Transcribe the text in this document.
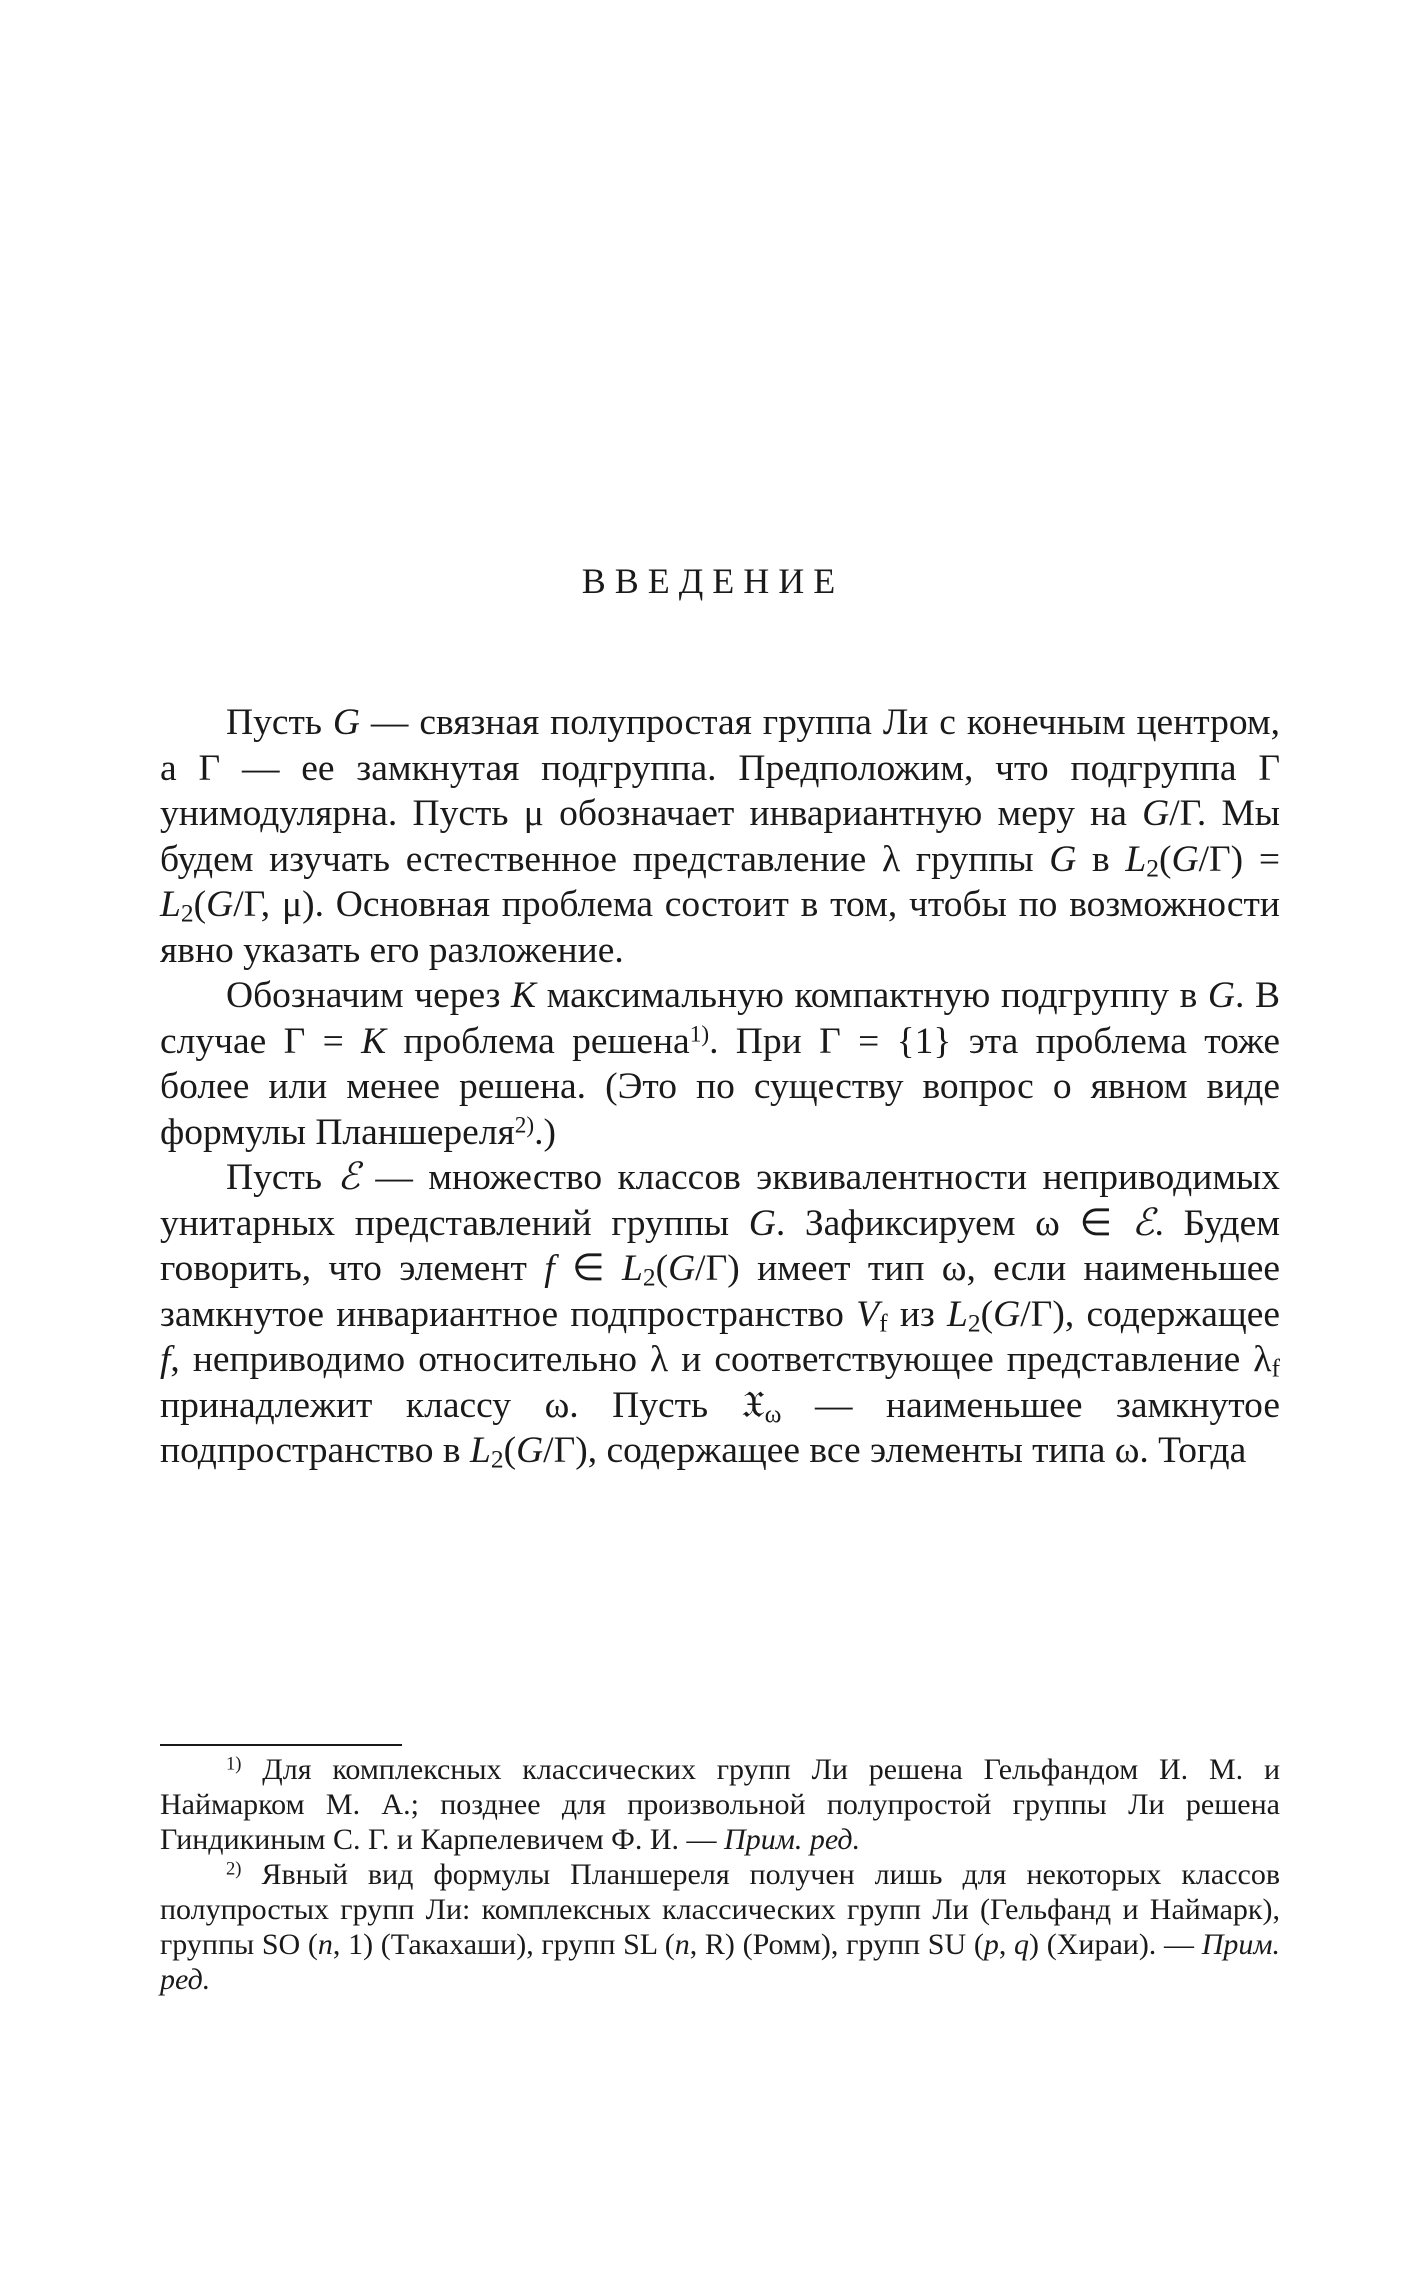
ВВЕДЕНИЕ

Пусть G — связная полупростая группа Ли с конечным центром, а Γ — ее замкнутая подгруппа. Предположим, что подгруппа Γ унимодулярна. Пусть μ обозначает инвариантную меру на G/Γ. Мы будем изучать естественное представление λ группы G в $L_2(G/\Gamma) = L_2(G/\Gamma$, μ). Основная проблема состоит в том, чтобы по возможности явно указать его разложение.

Обозначим через K максимальную компактную подгруппу в G. В случае Γ = K проблема решена$^{1)}$. При Γ = {1} эта проблема тоже более или менее решена. (Это по существу вопрос о явном виде формулы Планшереля$^{2)}$.)

Пусть ℰ — множество классов эквивалентности неприводимых унитарных представлений группы G. Зафиксируем ω ∈ ℰ. Будем говорить, что элемент f ∈ $L_2(G/\Gamma)$ имеет тип ω, если наименьшее замкнутое инвариантное подпространство $V_f$ из $L_2(G/\Gamma)$, содержащее f, неприводимо относительно λ и соответствующее представление $\lambda_f$ принадлежит классу ω. Пусть 𝔛$_\omega$ — наименьшее замкнутое подпространство в $L_2(G/\Gamma)$, содержащее все элементы типа ω. Тогда

$^{1)}$ Для комплексных классических групп Ли решена Гельфандом И. М. и Наймарком М. А.; позднее для произвольной полупростой группы Ли решена Гиндикиным С. Г. и Карпелевичем Ф. И. — Прим. ред.

$^{2)}$ Явный вид формулы Планшереля получен лишь для некоторых классов полупростых групп Ли: комплексных классических групп Ли (Гельфанд и Наймарк), группы SO (n, 1) (Такахаши), групп SL (n, R) (Ромм), групп SU (p, q) (Хираи). — Прим. ред.
